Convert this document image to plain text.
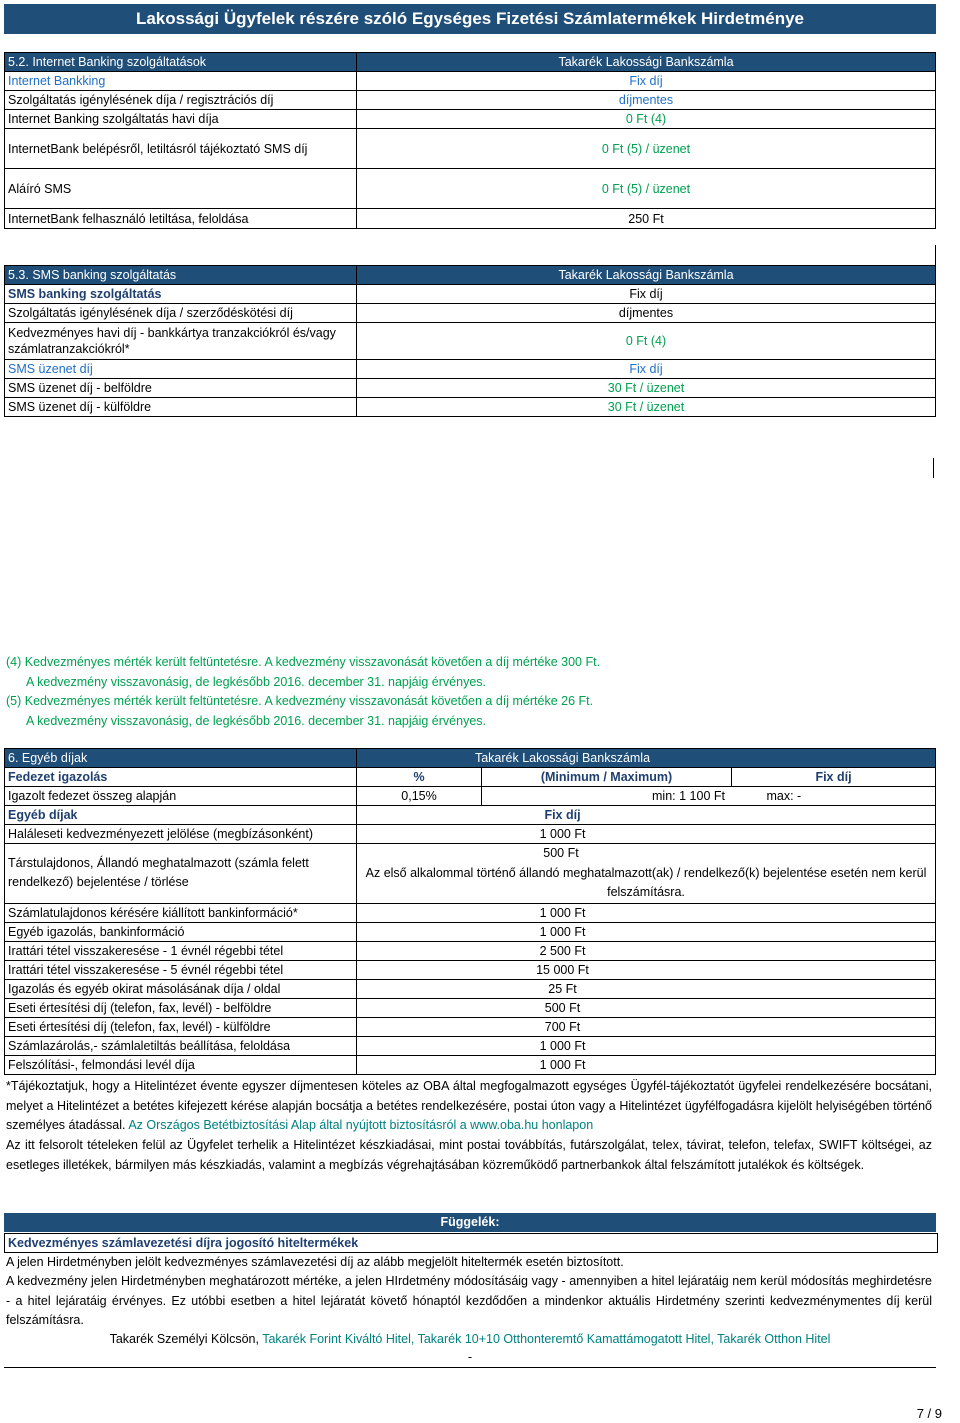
Lakossági Ügyfelek részére szóló Egységes Fizetési Számlatermékek Hirdetménye
5.2. Internet Banking szolgáltatások	Takarék Lakossági Bankszámla
Internet Bankking	Fix díj
Szolgáltatás igénylésének díja / regisztrációs díj	díjmentes
Internet Banking szolgáltatás havi díja	0 Ft (4)
InternetBank belépésről, letiltásról tájékoztató SMS díj	0 Ft (5) / üzenet
Aláíró SMS	0 Ft (5) / üzenet
InternetBank felhasználó letiltása, feloldása	250 Ft
5.3. SMS banking szolgáltatás	Takarék Lakossági Bankszámla
SMS banking szolgáltatás	Fix díj
Szolgáltatás igénylésének díja / szerződéskötési díj	díjmentes
Kedvezményes havi díj - bankkártya tranzakciókról és/vagy számlatranzakciókról*	0 Ft (4)
SMS üzenet díj	Fix díj
SMS üzenet díj - belföldre	30 Ft / üzenet
SMS üzenet díj - külföldre	30 Ft / üzenet
(4) Kedvezményes mérték került feltüntetésre. A kedvezmény visszavonását követően a díj mértéke 300 Ft.
A kedvezmény visszavonásig, de legkésőbb 2016. december 31. napjáig érvényes.
(5) Kedvezményes mérték került feltüntetésre. A kedvezmény visszavonását követően a díj mértéke 26 Ft.
A kedvezmény visszavonásig, de legkésőbb 2016. december 31. napjáig érvényes.
6. Egyéb díjak	Takarék Lakossági Bankszámla		
Fedezet igazolás	%	(Minimum / Maximum)	Fix díj
Igazolt fedezet összeg alapján	0,15%	min: 1 100 Ft max: -	
Egyéb díjak	Fix díj		
Haláleseti kedvezményezett jelölése (megbízásonként)	1 000 Ft		
Társtulajdonos, Állandó meghatalmazott (számla felett rendelkező) bejelentése / törlése	500 Ft
Az első alkalommal történő állandó meghatalmazott(ak) / rendelkező(k) bejelentése esetén nem kerül felszámításra.		

Számlatulajdonos kérésére kiállított bankinformáció*	1 000 Ft		
Egyéb igazolás, bankinformáció	1 000 Ft		
Irattári tétel visszakeresése - 1 évnél régebbi tétel	2 500 Ft		
Irattári tétel visszakeresése - 5 évnél régebbi tétel	15 000 Ft		
Igazolás és egyéb okirat másolásának díja / oldal	25 Ft		
Eseti értesítési díj (telefon, fax, levél) - belföldre	500 Ft		
Eseti értesítési díj (telefon, fax, levél) - külföldre	700 Ft		
Számlazárolás,- számlaletiltás beállítása, feloldása	1 000 Ft		
Felszólítási-, felmondási levél díja	1 000 Ft		
*Tájékoztatjuk, hogy a Hitelintézet évente egyszer díjmentesen köteles az OBA által megfogalmazott egységes Ügyfél-tájékoztatót ügyfelei rendelkezésére bocsátani, melyet a Hitelintézet a betétes kifejezett kérése alapján bocsátja a betétes rendelkezésére, postai úton vagy a Hitelintézet ügyfélfogadásra kijelölt helyiségében történő személyes átadással. Az Országos Betétbiztosítási Alap által nyújtott biztosításról a www.oba.hu honlapon
Az itt felsorolt tételeken felül az Ügyfelet terhelik a Hitelintézet készkiadásai, mint postai továbbítás, futárszolgálat, telex, távirat, telefon, telefax, SWIFT költségei, az esetleges illetékek, bármilyen más készkiadás, valamint a megbízás végrehajtásában közreműködő partnerbankok által felszámított jutalékok és költségek.
Függelék:
Kedvezményes számlavezetési díjra jogosító hiteltermékek
A jelen Hirdetményben jelölt kedvezményes számlavezetési díj az alább megjelölt hiteltermék esetén biztosított.
A kedvezmény jelen Hirdetményben meghatározott mértéke, a jelen HIrdetmény módosításáig vagy - amennyiben a hitel lejáratáig nem kerül módosítás meghirdetésre - a hitel lejáratáig érvényes. Ez utóbbi esetben a hitel lejáratát követő hónaptól kezdődően a mindenkor aktuális Hirdetmény szerinti kedvezménymentes díj kerül felszámításra.
Takarék Személyi Kölcsön, Takarék Forint Kiváltó Hitel, Takarék 10+10 Otthonteremtő Kamattámogatott Hitel, Takarék Otthon Hitel
-
7 / 9
